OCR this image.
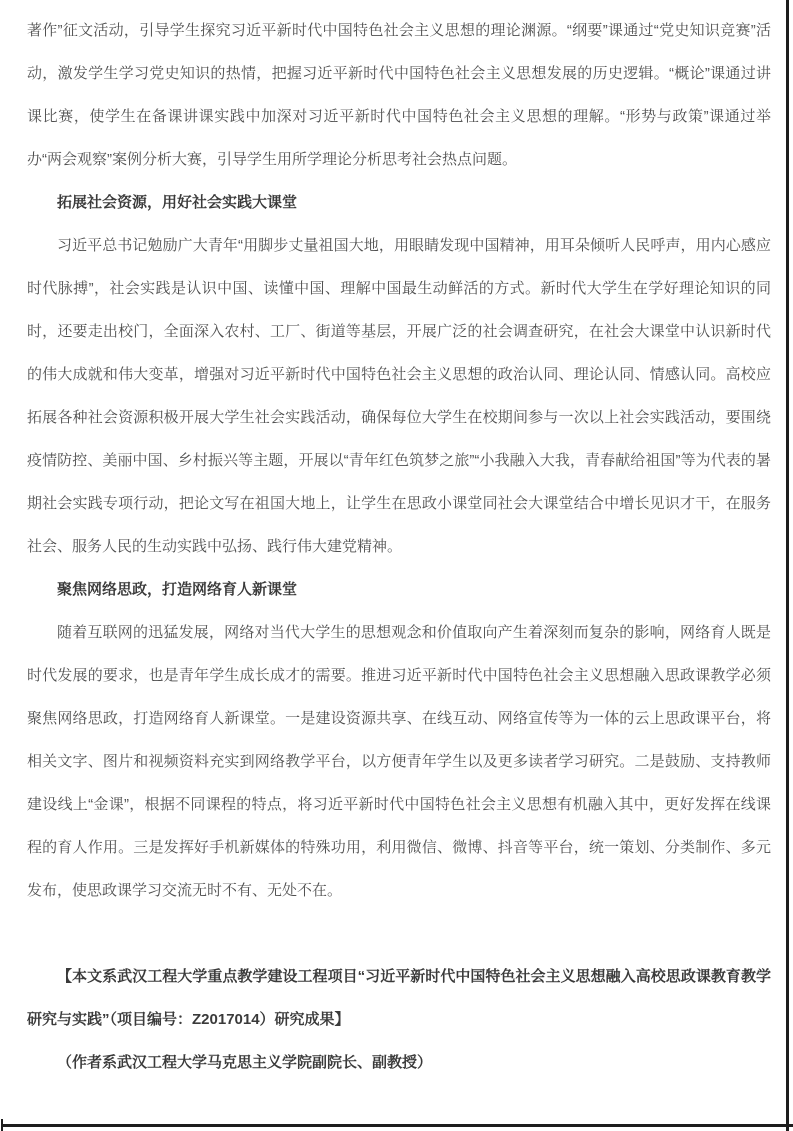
著作”征文活动，引导学生探究习近平新时代中国特色社会主义思想的理论渊源。“纲要”课通过“党史知识竞赛”活动，激发学生学习党史知识的热情，把握习近平新时代中国特色社会主义思想发展的历史逻辑。“概论”课通过讲课比赛，使学生在备课讲课实践中加深对习近平新时代中国特色社会主义思想的理解。“形势与政策”课通过举办“两会观察”案例分析大赛，引导学生用所学理论分析思考社会热点问题。

拓展社会资源，用好社会实践大课堂

习近平总书记勉励广大青年“用脚步丈量祖国大地，用眼睛发现中国精神，用耳朵倾听人民呼声，用内心感应时代脉搏”，社会实践是认识中国、读懂中国、理解中国最生动鲜活的方式。新时代大学生在学好理论知识的同时，还要走出校门，全面深入农村、工厂、街道等基层，开展广泛的社会调查研究，在社会大课堂中认识新时代的伟大成就和伟大变革，增强对习近平新时代中国特色社会主义思想的政治认同、理论认同、情感认同。高校应拓展各种社会资源积极开展大学生社会实践活动，确保每位大学生在校期间参与一次以上社会实践活动，要围绕疫情防控、美丽中国、乡村振兴等主题，开展以“青年红色筑梦之旅”“小我融入大我，青春献给祖国”等为代表的暑期社会实践专项行动，把论文写在祖国大地上，让学生在思政小课堂同社会大课堂结合中增长见识才干，在服务社会、服务人民的生动实践中弘扬、践行伟大建党精神。

聚焦网络思政，打造网络育人新课堂

随着互联网的迅猛发展，网络对当代大学生的思想观念和价值取向产生着深刻而复杂的影响，网络育人既是时代发展的要求，也是青年学生成长成才的需要。推进习近平新时代中国特色社会主义思想融入思政课教学必须聚焦网络思政，打造网络育人新课堂。一是建设资源共享、在线互动、网络宣传等为一体的云上思政课平台，将相关文字、图片和视频资料充实到网络教学平台，以方便青年学生以及更多读者学习研究。二是鼓励、支持教师建设线上“金课”，根据不同课程的特点，将习近平新时代中国特色社会主义思想有机融入其中，更好发挥在线课程的育人作用。三是发挥好手机新媒体的特殊功用，利用微信、微博、抖音等平台，统一策划、分类制作、多元发布，使思政课学习交流无时不有、无处不在。

【本文系武汉工程大学重点教学建设工程项目“习近平新时代中国特色社会主义思想融入高校思政课教育教学研究与实践”（项目编号：Z2017014）研究成果】

（作者系武汉工程大学马克思主义学院副院长、副教授）
